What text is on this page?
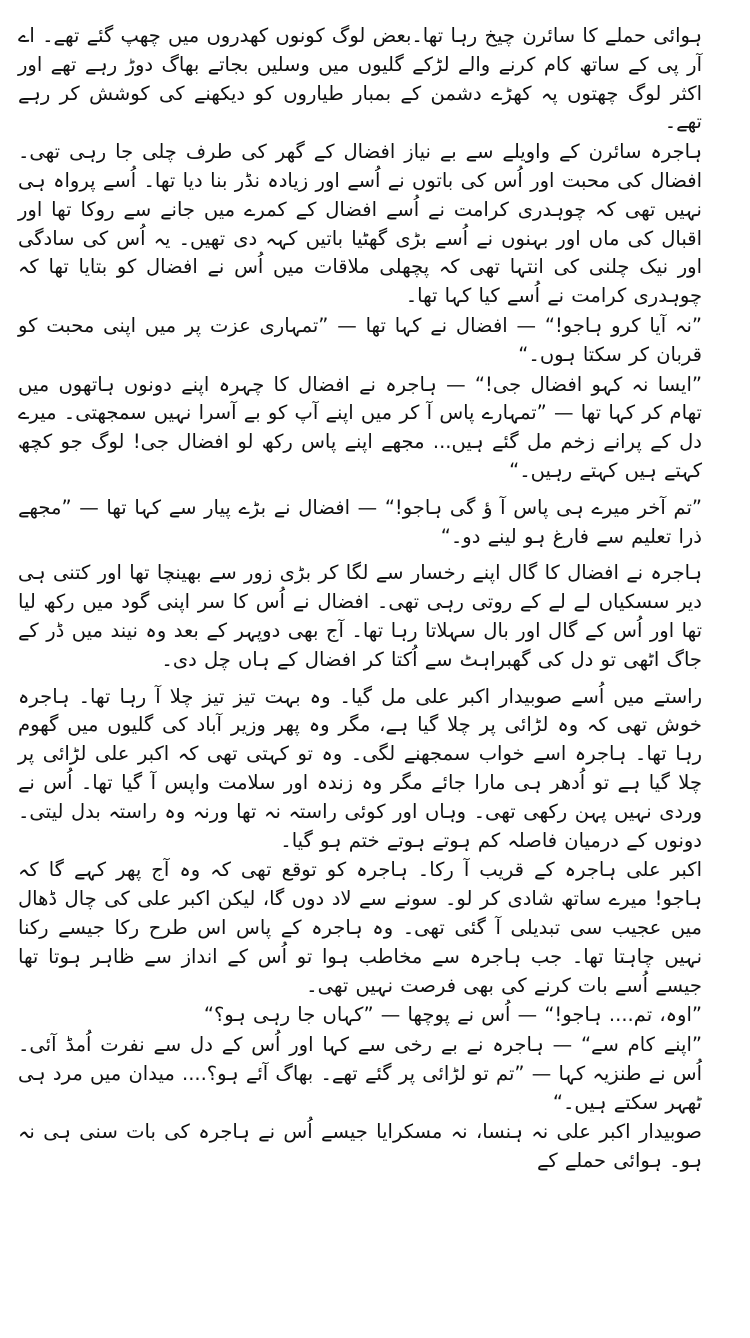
ہوائی حملے کا سائرن چیخ رہا تھا۔بعض لوگ کونوں کھدروں میں چھپ گئے تھے۔ اے آر پی کے ساتھ کام کرنے والے لڑکے گلیوں میں وسلیں بجاتے بھاگ دوڑ رہے تھے اور اکثر لوگ چھتوں پہ کھڑے دشمن کے بمبار طیاروں کو دیکھنے کی کوشش کر رہے تھے۔

ہاجرہ سائرن کے واویلے سے بے نیاز افضال کے گھر کی طرف چلی جا رہی تھی۔ افضال کی محبت اور اُس کی باتوں نے اُسے اور زیادہ نڈر بنا دیا تھا۔ اُسے پرواہ ہی نہیں تھی کہ چوہدری کرامت نے اُسے افضال کے کمرے میں جانے سے روکا تھا اور اقبال کی ماں اور بہنوں نے اُسے بڑی گھٹیا باتیں کہہ دی تھیں۔ یہ اُس کی سادگی اور نیک چلنی کی انتہا تھی کہ پچھلی ملاقات میں اُس نے افضال کو بتایا تھا کہ چوہدری کرامت نے اُسے کیا کہا تھا۔

”نہ آیا کرو ہاجو!“ — افضال نے کہا تھا — ”تمہاری عزت پر میں اپنی محبت کو قربان کر سکتا ہوں۔“

”ایسا نہ کہو افضال جی!“ — ہاجرہ نے افضال کا چہرہ اپنے دونوں ہاتھوں میں تھام کر کہا تھا — ”تمہارے پاس آ کر میں اپنے آپ کو بے آسرا نہیں سمجھتی۔ میرے دل کے پرانے زخم مل گئے ہیں... مجھے اپنے پاس رکھ لو افضال جی! لوگ جو کچھ کہتے ہیں کہتے رہیں۔“

”تم آخر میرے ہی پاس آ ؤ گی ہاجو!“ — افضال نے بڑے پیار سے کہا تھا — ”مجھے ذرا تعلیم سے فارغ ہو لینے دو۔“

ہاجرہ نے افضال کا گال اپنے رخسار سے لگا کر بڑی زور سے بھینچا تھا اور کتنی ہی دیر سسکیاں لے لے کے روتی رہی تھی۔ افضال نے اُس کا سر اپنی گود میں رکھ لیا تھا اور اُس کے گال اور بال سہلاتا رہا تھا۔ آج بھی دوپہر کے بعد وہ نیند میں ڈر کے جاگ اٹھی تو دل کی گھبراہٹ سے اُکتا کر افضال کے ہاں چل دی۔

راستے میں اُسے صوبیدار اکبر علی مل گیا۔ وہ بہت تیز تیز چلا آ رہا تھا۔ ہاجرہ خوش تھی کہ وہ لڑائی پر چلا گیا ہے، مگر وہ پھر وزیر آباد کی گلیوں میں گھوم رہا تھا۔ ہاجرہ اسے خواب سمجھنے لگی۔ وہ تو کہتی تھی کہ اکبر علی لڑائی پر چلا گیا ہے تو اُدھر ہی مارا جائے مگر وہ زندہ اور سلامت واپس آ گیا تھا۔ اُس نے وردی نہیں پہن رکھی تھی۔ وہاں اور کوئی راستہ نہ تھا ورنہ وہ راستہ بدل لیتی۔ دونوں کے درمیان فاصلہ کم ہوتے ہوتے ختم ہو گیا۔

اکبر علی ہاجرہ کے قریب آ رکا۔ ہاجرہ کو توقع تھی کہ وہ آج پھر کہے گا کہ ہاجو! میرے ساتھ شادی کر لو۔ سونے سے لاد دوں گا، لیکن اکبر علی کی چال ڈھال میں عجیب سی تبدیلی آ گئی تھی۔ وہ ہاجرہ کے پاس اس طرح رکا جیسے رکنا نہیں چاہتا تھا۔ جب ہاجرہ سے مخاطب ہوا تو اُس کے انداز سے ظاہر ہوتا تھا جیسے اُسے بات کرنے کی بھی فرصت نہیں تھی۔

”اوہ، تم.... ہاجو!“ — اُس نے پوچھا — ”کہاں جا رہی ہو؟“

”اپنے کام سے“ — ہاجرہ نے بے رخی سے کہا اور اُس کے دل سے نفرت اُمڈ آئی۔ اُس نے طنزیہ کہا — ”تم تو لڑائی پر گئے تھے۔ بھاگ آئے ہو؟.... میدان میں مرد ہی ٹھہر سکتے ہیں۔“

صوبیدار اکبر علی نہ ہنسا، نہ مسکرایا جیسے اُس نے ہاجرہ کی بات سنی ہی نہ ہو۔ ہوائی حملے کے
